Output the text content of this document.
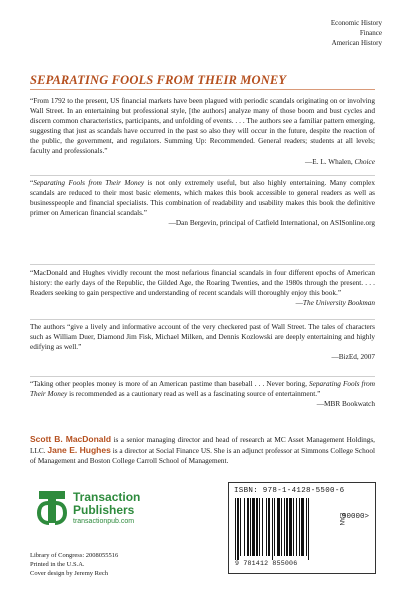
Economic History
Finance
American History
SEPARATING FOOLS FROM THEIR MONEY

“From 1792 to the present, US financial markets have been plagued with periodic scandals originating on or involving Wall Street. In an entertaining but professional style, [the authors] analyze many of those boom and bust cycles and discern common characteristics, participants, and unfolding of events. . . . The authors see a familiar pattern emerging, suggesting that just as scandals have occurred in the past so also they will occur in the future, despite the reaction of the public, the government, and regulators. Summing Up: Recommended. General readers; students at all levels; faculty and professionals.”

—E. L. Whalen, Choice

“Separating Fools from Their Money is not only extremely useful, but also highly entertaining. Many complex scandals are reduced to their most basic elements, which makes this book accessible to general readers as well as businesspeople and financial specialists. This combination of readability and usability makes this book the definitive primer on American financial scandals.”

—Dan Bergevin, principal of Catfield International, on ASISonline.org

“MacDonald and Hughes vividly recount the most nefarious financial scandals in four different epochs of American history: the early days of the Republic, the Gilded Age, the Roaring Twenties, and the 1980s through the present. . . . Readers seeking to gain perspective and understanding of recent scandals will thoroughly enjoy this book.”

—The University Bookman

The authors “give a lively and informative account of the very checkered past of Wall Street. The tales of characters such as William Duer, Diamond Jim Fisk, Michael Milken, and Dennis Kozlowski are deeply entertaining and highly edifying as well.”

—BizEd, 2007

“Taking other peoples money is more of an American pastime than baseball . . . Never boring, Separating Fools from Their Money is recommended as a cautionary read as well as a fascinating source of entertainment.”

—MBR Bookwatch

Scott B. MacDonald is a senior managing director and head of research at MC Asset Management Holdings, LLC. Jane E. Hughes is a director at Social Finance US. She is an adjunct professor at Simmons College School of Management and Boston College Carroll School of Management.
Transaction
Publishers
transactionpub.com
Library of Congress: 2008055516
Printed in the U.S.A.
Cover design by Jeremy Rech
ISBN: 978-1-4128-5500-6
EAN
90000>
9 781412 855006
